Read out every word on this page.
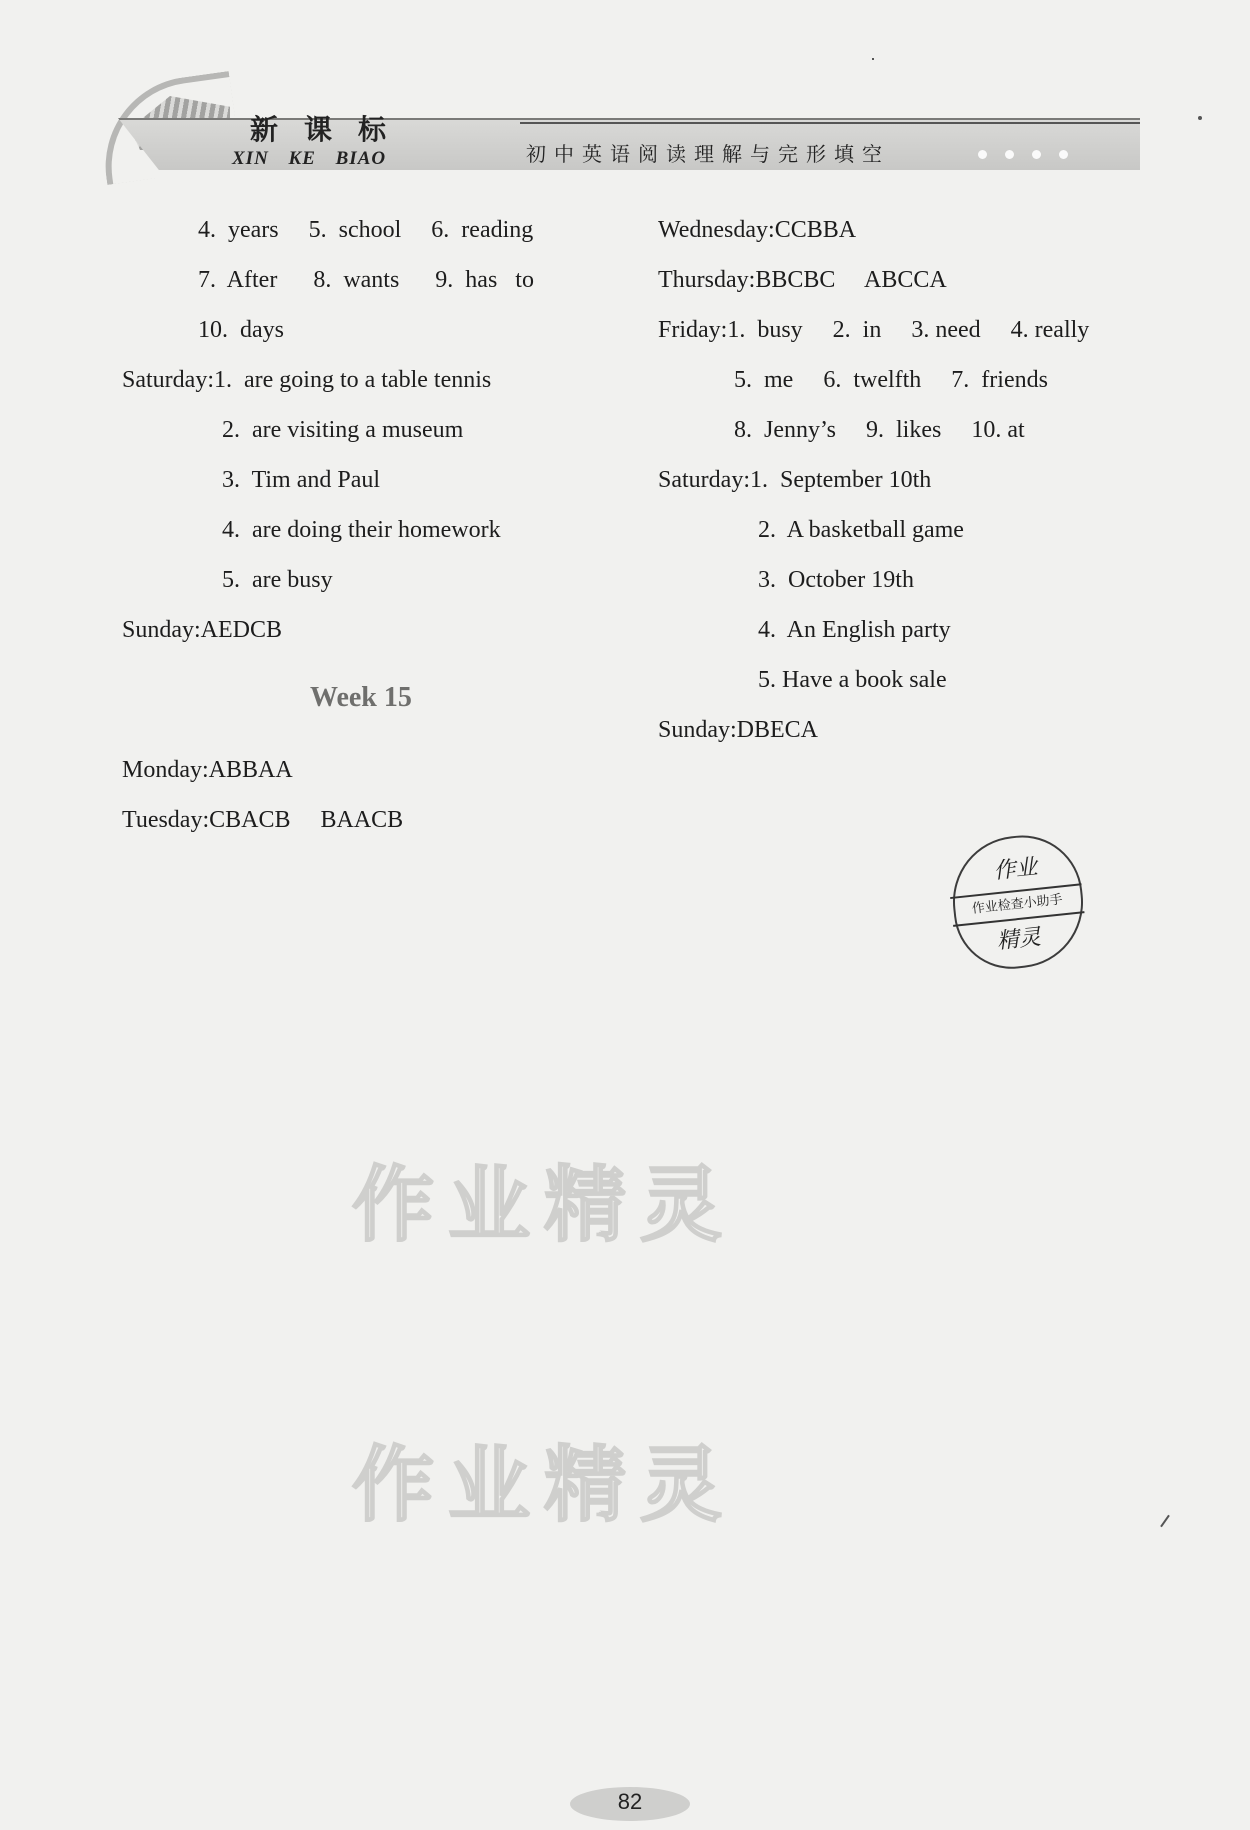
新课标
XIN KE BIAO	初中英语阅读理解与完形填空
4.  years     5.  school     6.  reading
7.  After      8.  wants      9.  has   to
10.  days
Saturday:1.  are going to a table tennis
2.  are visiting a museum
3.  Tim and Paul
4.  are doing their homework
5.  are busy
Sunday:AEDCB
Week 15
Monday:ABBAA
Tuesday:CBACB     BAACB
Wednesday:CCBBA
Thursday:BBCBC     ABCCA
Friday:1.  busy     2.  in     3. need     4. really
5.  me     6.  twelfth     7.  friends
8.  Jenny’s     9.  likes     10. at
Saturday:1.  September 10th
2.  A basketball game
3.  October 19th
4.  An English party
5. Have a book sale
Sunday:DBECA
作业
作业检查小助手
精灵
作业精灵
作业精灵
82
